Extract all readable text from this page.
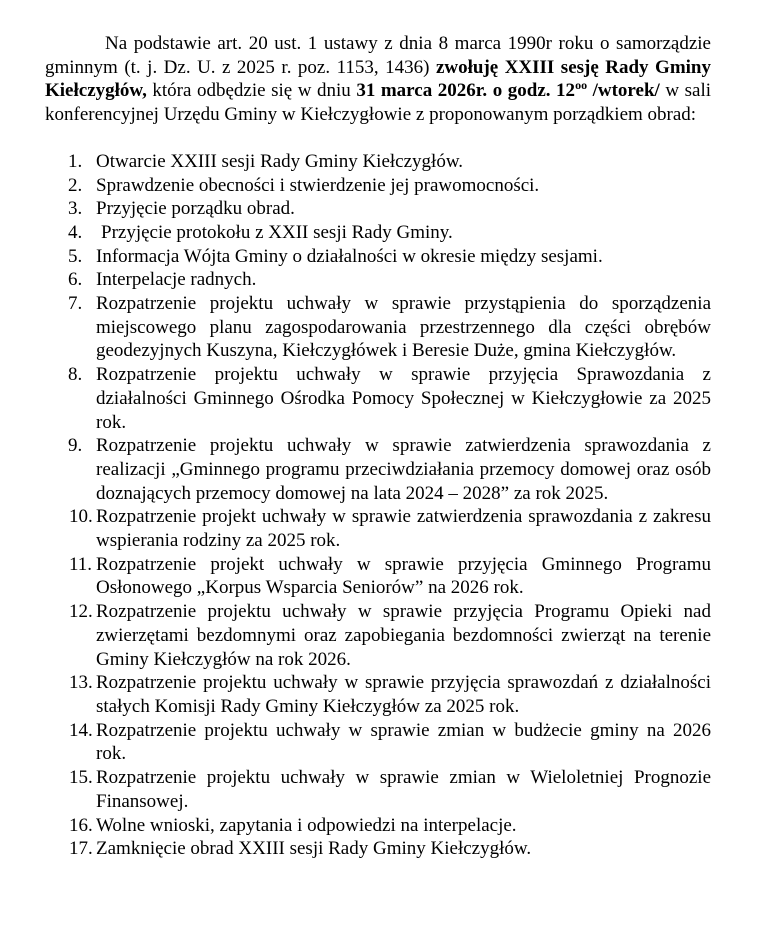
Na podstawie art. 20 ust. 1 ustawy z dnia 8 marca 1990r roku o samorządzie gminnym (t. j. Dz. U. z 2025 r. poz. 1153, 1436) zwołuję XXIII sesję Rady Gminy Kiełczygłów, która odbędzie się w dniu 31 marca 2026r. o godz. $12^{oo}$ /wtorek/ w sali konferencyjnej Urzędu Gminy w Kiełczygłowie z proponowanym porządkiem obrad:

1. Otwarcie XXIII sesji Rady Gminy Kiełczygłów.
2. Sprawdzenie obecności i stwierdzenie jej prawomocności.
3. Przyjęcie porządku obrad.
4. Przyjęcie protokołu z XXII sesji Rady Gminy.
5. Informacja Wójta Gminy o działalności w okresie między sesjami.
6. Interpelacje radnych.
7. Rozpatrzenie projektu uchwały w sprawie przystąpienia do sporządzenia miejscowego planu zagospodarowania przestrzennego dla części obrębów geodezyjnych Kuszyna, Kiełczygłówek i Beresie Duże, gmina Kiełczygłów.
8. Rozpatrzenie projektu uchwały w sprawie przyjęcia Sprawozdania z działalności Gminnego Ośrodka Pomocy Społecznej w Kiełczygłowie za 2025 rok.
9. Rozpatrzenie projektu uchwały w sprawie zatwierdzenia sprawozdania z realizacji „Gminnego programu przeciwdziałania przemocy domowej oraz osób doznających przemocy domowej na lata 2024 – 2028” za rok 2025.
10. Rozpatrzenie projekt uchwały w sprawie zatwierdzenia sprawozdania z zakresu wspierania rodziny za 2025 rok.
11. Rozpatrzenie projekt uchwały w sprawie przyjęcia Gminnego Programu Osłonowego „Korpus Wsparcia Seniorów” na 2026 rok.
12. Rozpatrzenie projektu uchwały w sprawie przyjęcia Programu Opieki nad zwierzętami bezdomnymi oraz zapobiegania bezdomności zwierząt na terenie Gminy Kiełczygłów na rok 2026.
13. Rozpatrzenie projektu uchwały w sprawie przyjęcia sprawozdań z działalności stałych Komisji Rady Gminy Kiełczygłów za 2025 rok.
14. Rozpatrzenie projektu uchwały w sprawie zmian w budżecie gminy na 2026 rok.
15. Rozpatrzenie projektu uchwały w sprawie zmian w Wieloletniej Prognozie Finansowej.
16. Wolne wnioski, zapytania i odpowiedzi na interpelacje.
17. Zamknięcie obrad XXIII sesji Rady Gminy Kiełczygłów.
